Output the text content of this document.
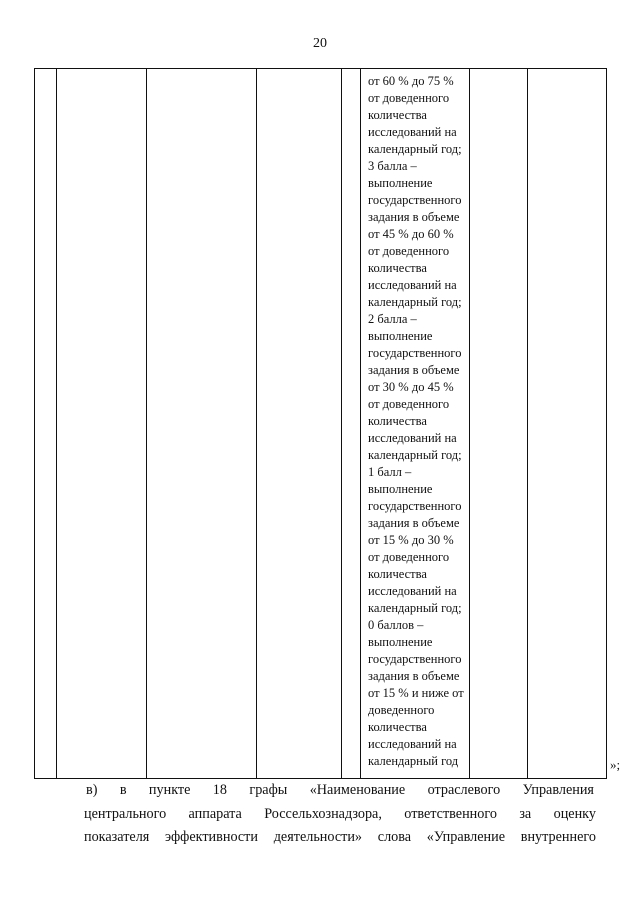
20
от 60 % до 75 %
от доведенного
количества
исследований на
календарный год;
3 балла –
выполнение
государственного
задания в объеме
от 45 % до 60 %
от доведенного
количества
исследований на
календарный год;
2 балла –
выполнение
государственного
задания в объеме
от 30 % до 45 %
от доведенного
количества
исследований на
календарный год;
1 балл –
выполнение
государственного
задания в объеме
от 15 % до 30 %
от доведенного
количества
исследований на
календарный год;
0 баллов –
выполнение
государственного
задания в объеме
от 15 % и ниже от
доведенного
количества
исследований на
календарный год	»;
в) в пункте 18 графы «Наименование отраслевого Управления
центрального аппарата Россельхознадзора, ответственного за оценку
показателя эффективности деятельности» слова «Управление внутреннего
